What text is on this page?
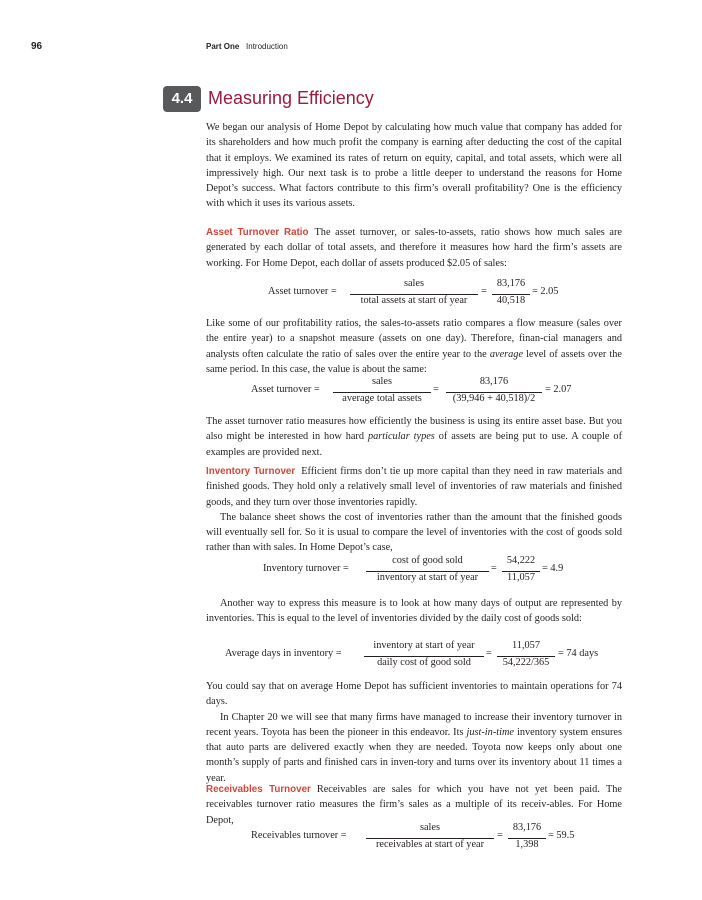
96	Part One Introduction
4.4 Measuring Efficiency

We began our analysis of Home Depot by calculating how much value that company has added for its shareholders and how much profit the company is earning after deducting the cost of the capital that it employs. We examined its rates of return on equity, capital, and total assets, which were all impressively high. Our next task is to probe a little deeper to understand the reasons for Home Depot’s success. What factors contribute to this firm’s overall profitability? One is the efficiency with which it uses its various assets.

Asset Turnover Ratio The asset turnover, or sales-to-assets, ratio shows how much sales are generated by each dollar of total assets, and therefore it measures how hard the firm’s assets are working. For Home Depot, each dollar of assets produced $2.05 of sales:

Asset turnover =
sales
total assets at start of year
=
83,176
40,518
= 2.05

Like some of our profitability ratios, the sales-to-assets ratio compares a flow measure (sales over the entire year) to a snapshot measure (assets on one day). Therefore, finan-cial managers and analysts often calculate the ratio of sales over the entire year to the average level of assets over the same period. In this case, the value is about the same:

Asset turnover =
sales
average total assets
=
83,176
(39,946 + 40,518)/2
= 2.07

The asset turnover ratio measures how efficiently the business is using its entire asset base. But you also might be interested in how hard particular types of assets are being put to use. A couple of examples are provided next.

Inventory Turnover Efficient firms don’t tie up more capital than they need in raw materials and finished goods. They hold only a relatively small level of inventories of raw materials and finished goods, and they turn over those inventories rapidly.

The balance sheet shows the cost of inventories rather than the amount that the finished goods will eventually sell for. So it is usual to compare the level of inventories with the cost of goods sold rather than with sales. In Home Depot’s case,

Inventory turnover =
cost of good sold
inventory at start of year
=
54,222
11,057
= 4.9

Another way to express this measure is to look at how many days of output are represented by inventories. This is equal to the level of inventories divided by the daily cost of goods sold:

Average days in inventory =
inventory at start of year
daily cost of good sold
=
11,057
54,222/365
= 74 days

You could say that on average Home Depot has sufficient inventories to maintain operations for 74 days.

In Chapter 20 we will see that many firms have managed to increase their inventory turnover in recent years. Toyota has been the pioneer in this endeavor. Its just-in-time inventory system ensures that auto parts are delivered exactly when they are needed. Toyota now keeps only about one month’s supply of parts and finished cars in inven-tory and turns over its inventory about 11 times a year.

Receivables Turnover Receivables are sales for which you have not yet been paid. The receivables turnover ratio measures the firm’s sales as a multiple of its receiv-ables. For Home Depot,

Receivables turnover =
sales
receivables at start of year
=
83,176
1,398
= 59.5
